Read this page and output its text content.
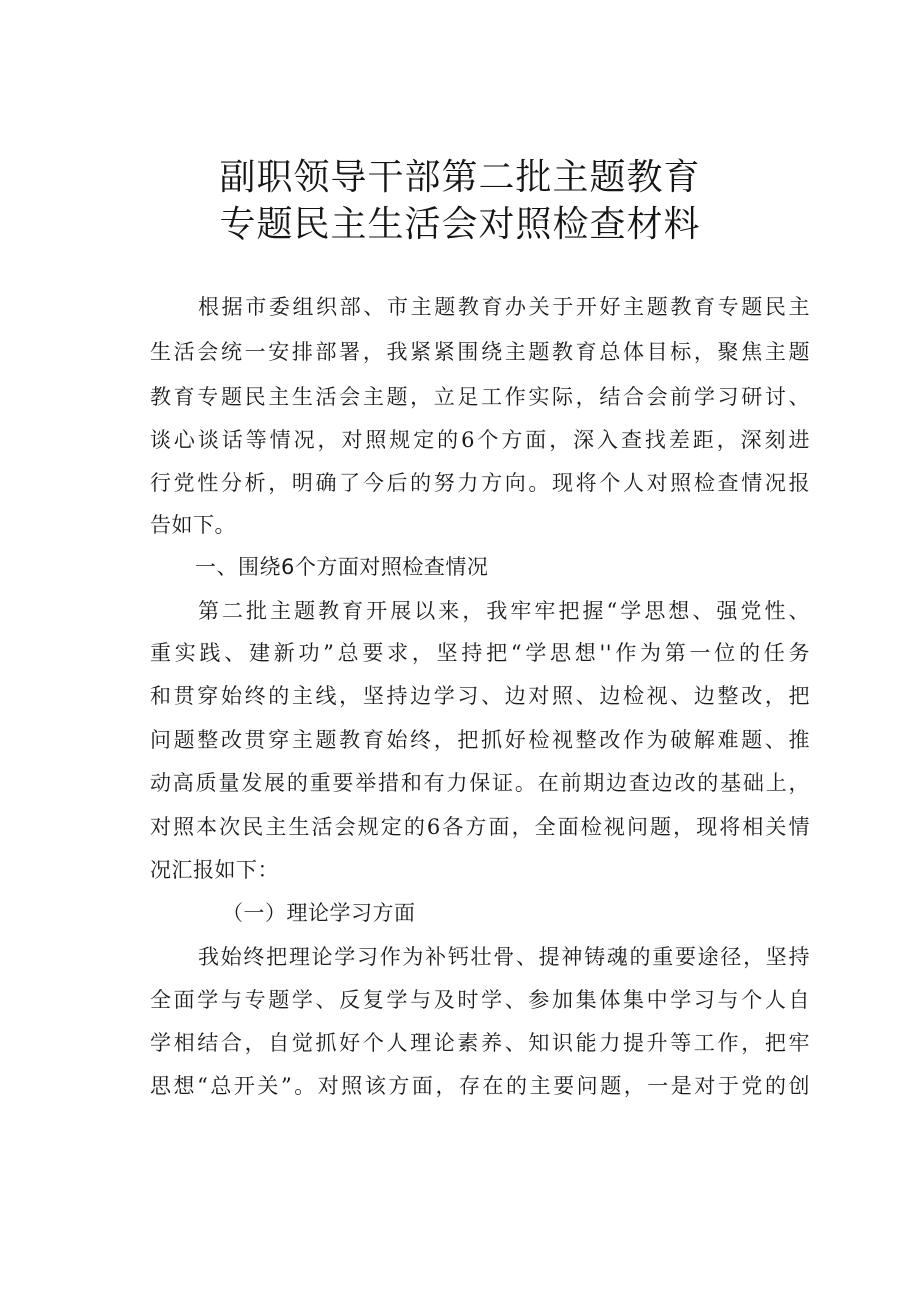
副职领导干部第二批主题教育
专题民主生活会对照检查材料
根据市委组织部、市主题教育办关于开好主题教育专题民主
生活会统一安排部署，我紧紧围绕主题教育总体目标，聚焦主题
教育专题民主生活会主题，立足工作实际，结合会前学习研讨、
谈心谈话等情况，对照规定的6个方面，深入查找差距，深刻进
行党性分析，明确了今后的努力方向。现将个人对照检查情况报
告如下。
一、围绕6个方面对照检查情况
第二批主题教育开展以来，我牢牢把握“学思想、强党性、
重实践、建新功”总要求，坚持把“学思想''作为第一位的任务
和贯穿始终的主线，坚持边学习、边对照、边检视、边整改，把
问题整改贯穿主题教育始终，把抓好检视整改作为破解难题、推
动高质量发展的重要举措和有力保证。在前期边查边改的基础上，
对照本次民主生活会规定的6各方面，全面检视问题，现将相关情
况汇报如下：
（一）理论学习方面
我始终把理论学习作为补钙壮骨、提神铸魂的重要途径，坚持
全面学与专题学、反复学与及时学、参加集体集中学习与个人自
学相结合，自觉抓好个人理论素养、知识能力提升等工作，把牢
思想“总开关”。对照该方面，存在的主要问题，一是对于党的创
